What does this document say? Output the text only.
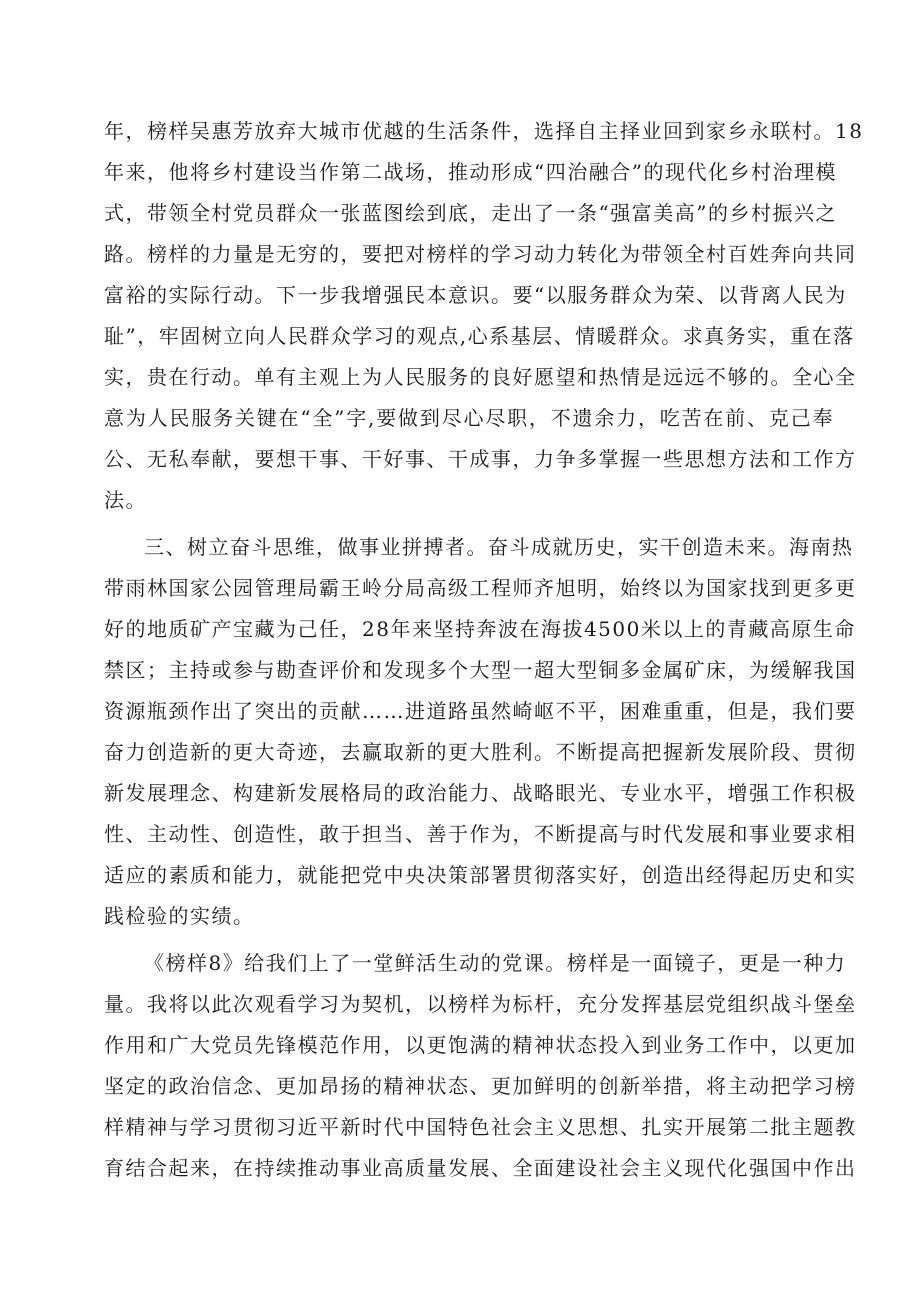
年，榜样吴惠芳放弃大城市优越的生活条件，选择自主择业回到家乡永联村。18
年来，他将乡村建设当作第二战场，推动形成“四治融合”的现代化乡村治理模
式，带领全村党员群众一张蓝图绘到底，走出了一条“强富美高”的乡村振兴之
路。榜样的力量是无穷的，要把对榜样的学习动力转化为带领全村百姓奔向共同
富裕的实际行动。下一步我增强民本意识。要“以服务群众为荣、以背离人民为
耻”，牢固树立向人民群众学习的观点,心系基层、情暖群众。求真务实，重在落
实，贵在行动。单有主观上为人民服务的良好愿望和热情是远远不够的。全心全
意为人民服务关键在“全”字,要做到尽心尽职，不遗余力，吃苦在前、克己奉
公、无私奉献，要想干事、干好事、干成事，力争多掌握一些思想方法和工作方
法。
三、树立奋斗思维，做事业拼搏者。奋斗成就历史，实干创造未来。海南热
带雨林国家公园管理局霸王岭分局高级工程师齐旭明，始终以为国家找到更多更
好的地质矿产宝藏为己任，28年来坚持奔波在海拔4500米以上的青藏高原生命
禁区；主持或参与勘查评价和发现多个大型一超大型铜多金属矿床，为缓解我国
资源瓶颈作出了突出的贡献……进道路虽然崎岖不平，困难重重，但是，我们要
奋力创造新的更大奇迹，去赢取新的更大胜利。不断提高把握新发展阶段、贯彻
新发展理念、构建新发展格局的政治能力、战略眼光、专业水平，增强工作积极
性、主动性、创造性，敢于担当、善于作为，不断提高与时代发展和事业要求相
适应的素质和能力，就能把党中央决策部署贯彻落实好，创造出经得起历史和实
践检验的实绩。
《榜样8》给我们上了一堂鲜活生动的党课。榜样是一面镜子，更是一种力
量。我将以此次观看学习为契机，以榜样为标杆，充分发挥基层党组织战斗堡垒
作用和广大党员先锋模范作用，以更饱满的精神状态投入到业务工作中，以更加
坚定的政治信念、更加昂扬的精神状态、更加鲜明的创新举措，将主动把学习榜
样精神与学习贯彻习近平新时代中国特色社会主义思想、扎实开展第二批主题教
育结合起来，在持续推动事业高质量发展、全面建设社会主义现代化强国中作出
